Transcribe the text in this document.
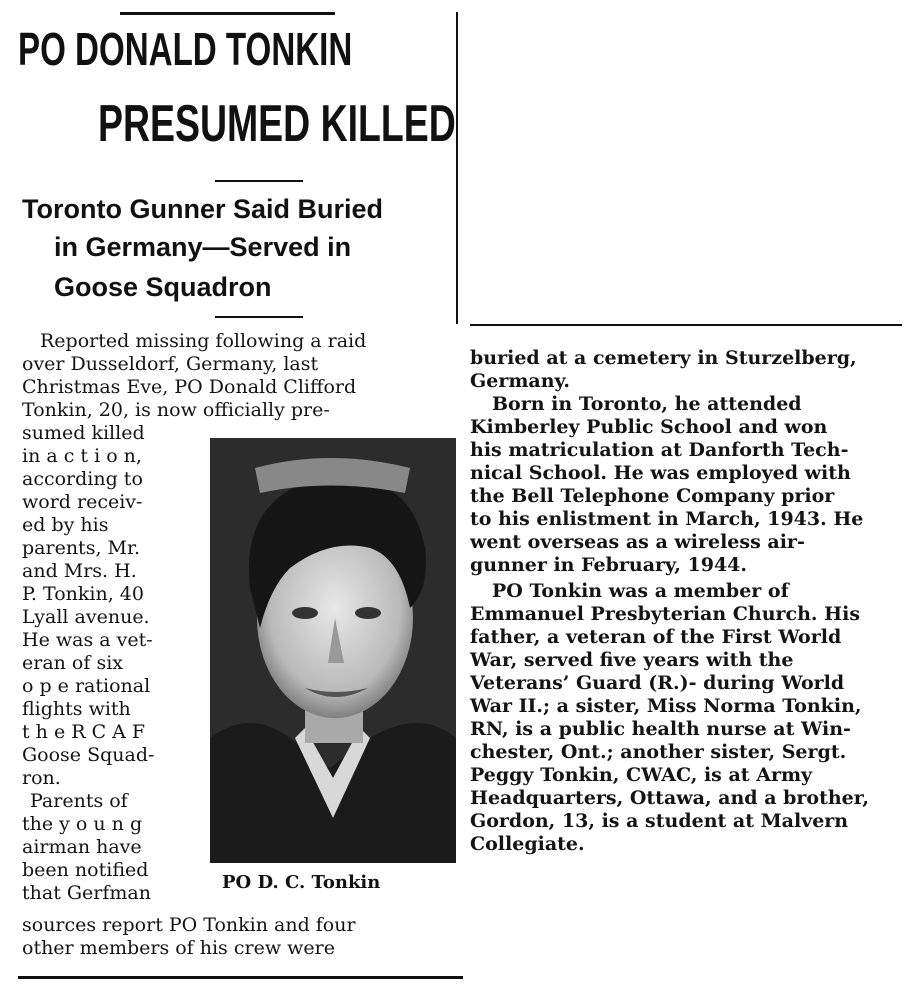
PO DONALD TONKIN
PRESUMED KILLED
Toronto Gunner Said Buried
in Germany—Served in
Goose Squadron
PO D. C. Tonkin

Reported missing following a raid

over Dusseldorf, Germany, last

Christmas Eve, PO Donald Clifford

Tonkin, 20, is now officially pre-

sumed killed

in a c t i o n,

according to

word receiv-

ed by his

parents, Mr.

and Mrs. H.

P. Tonkin, 40

Lyall avenue.

He was a vet-

eran of six

o p e rational

flights with

t h e R C A F

Goose Squad-

ron.

Parents of

the y o u n g

airman have

been notified

that Gerfman

sources report PO Tonkin and four

other members of his crew were

buried at a cemetery in Sturzelberg,

Germany.

Born in Toronto, he attended

Kimberley Public School and won

his matriculation at Danforth Tech-

nical School. He was employed with

the Bell Telephone Company prior

to his enlistment in March, 1943. He

went overseas as a wireless air-

gunner in February, 1944.

PO Tonkin was a member of

Emmanuel Presbyterian Church. His

father, a veteran of the First World

War, served five years with the

Veterans’ Guard (R.)- during World

War II.; a sister, Miss Norma Tonkin,

RN, is a public health nurse at Win-

chester, Ont.; another sister, Sergt.

Peggy Tonkin, CWAC, is at Army

Headquarters, Ottawa, and a brother,

Gordon, 13, is a student at Malvern

Collegiate.
